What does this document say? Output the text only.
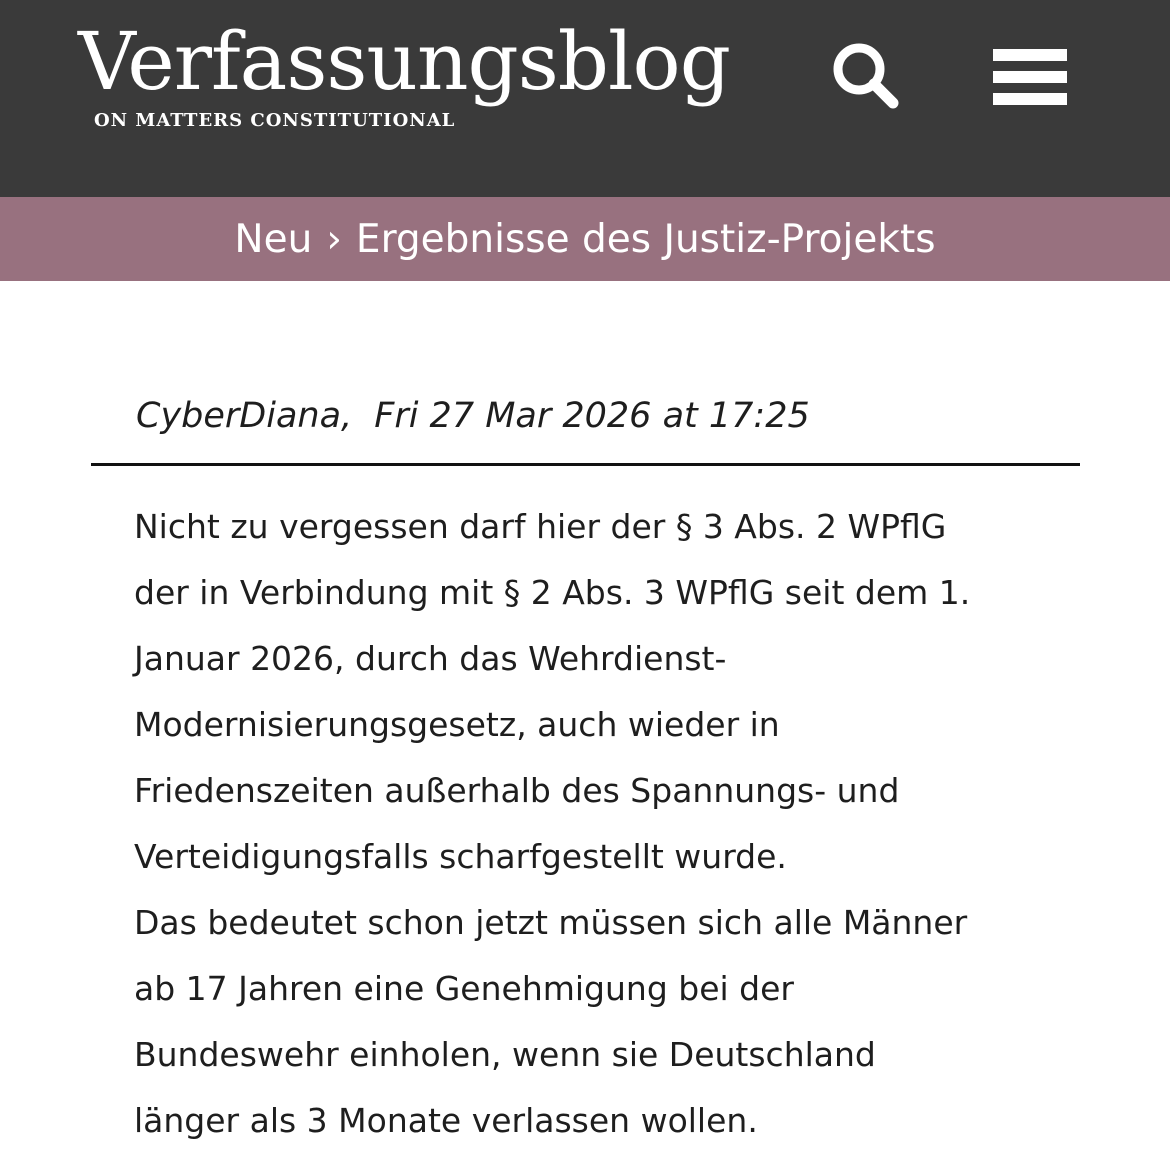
Verfassungsblog
ON MATTERS CONSTITUTIONAL
Neu › Ergebnisse des Justiz-Projekts
CyberDiana, Fri 27 Mar 2026 at 17:25

Nicht zu vergessen darf hier der § 3 Abs. 2 WPflG

der in Verbindung mit § 2 Abs. 3 WPflG seit dem 1.

Januar 2026, durch das Wehrdienst-

Modernisierungsgesetz, auch wieder in

Friedenszeiten außerhalb des Spannungs- und

Verteidigungsfalls scharfgestellt wurde.

Das bedeutet schon jetzt müssen sich alle Männer

ab 17 Jahren eine Genehmigung bei der

Bundeswehr einholen, wenn sie Deutschland

länger als 3 Monate verlassen wollen.
